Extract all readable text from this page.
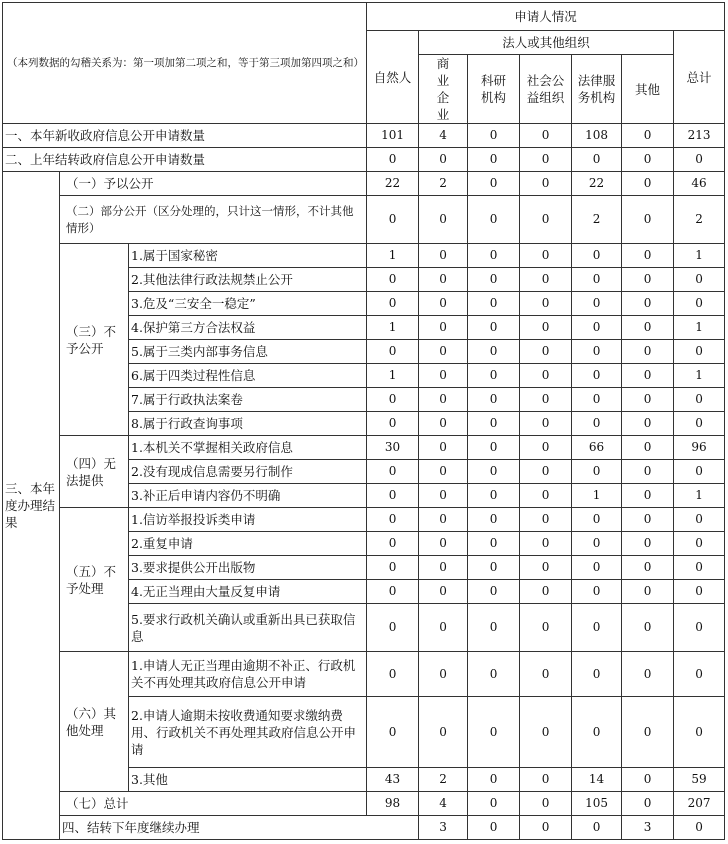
（本列数据的勾稽关系为：第一项加第二项之和，等于第三项加第四项之和）			申请人情况							
			自然人	法人或其他组织					总计	
				商业企业	科研机构	社会公益组织	法律服务机构	其他		
一、本年新收政府信息公开申请数量			101	4	0	0	108	0	213	
二、上年结转政府信息公开申请数量			0	0	0	0	0	0	0	
三、本年度办理结果	（一）予以公开		22	2	0	0	22	0	46	
	（二）部分公开（区分处理的，只计这一情形，不计其他情形）		0	0	0	0	2	0	2	
	（三）不予公开	1.属于国家秘密	1	0	0	0	0	0	1	
		2.其他法律行政法规禁止公开	0	0	0	0	0	0	0	
		3.危及“三安全一稳定”	0	0	0	0	0	0	0	
		4.保护第三方合法权益	1	0	0	0	0	0	1	
		5.属于三类内部事务信息	0	0	0	0	0	0	0	
		6.属于四类过程性信息	1	0	0	0	0	0	1	
		7.属于行政执法案卷	0	0	0	0	0	0	0	
		8.属于行政查询事项	0	0	0	0	0	0	0	
	（四）无法提供	1.本机关不掌握相关政府信息	30	0	0	0	66	0	96	
		2.没有现成信息需要另行制作	0	0	0	0	0	0	0	
		3.补正后申请内容仍不明确	0	0	0	0	1	0	1	
	（五）不予处理	1.信访举报投诉类申请	0	0	0	0	0	0	0	
		2.重复申请	0	0	0	0	0	0	0	
		3.要求提供公开出版物	0	0	0	0	0	0	0	
		4.无正当理由大量反复申请	0	0	0	0	0	0	0	
		5.要求行政机关确认或重新出具已获取信息	0	0	0	0	0	0	0	
	（六）其他处理	1.申请人无正当理由逾期不补正、行政机关不再处理其政府信息公开申请	0	0	0	0	0	0	0	
		2.申请人逾期未按收费通知要求缴纳费用、行政机关不再处理其政府信息公开申请	0	0	0	0	0	0	0	
		3.其他	43	2	0	0	14	0	59	
	（七）总计		98	4	0	0	105	0	207	
	四、结转下年度继续办理			3	0	0	0	3	0	
